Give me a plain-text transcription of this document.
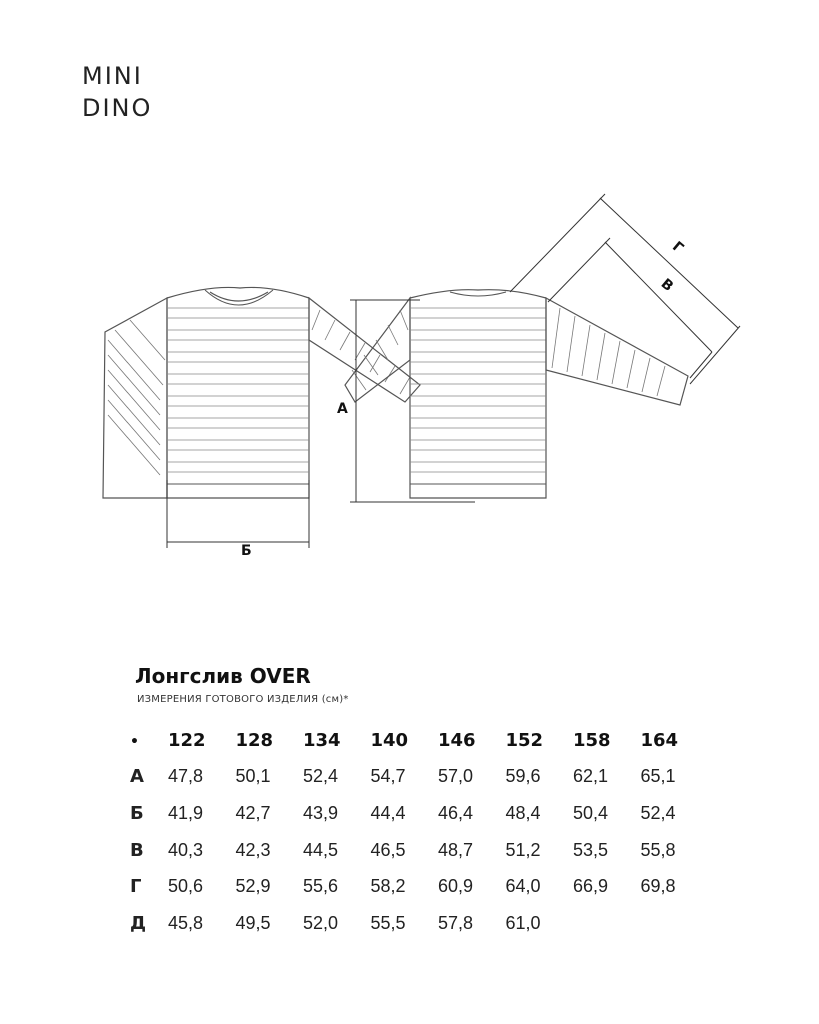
MINI
DINO
Б
А
В
Г
Лонгслив OVER
ИЗМЕРЕНИЯ ГОТОВОГО ИЗДЕЛИЯ (см)*
•	122	128	134	140	146	152	158	164
А	47,8	50,1	52,4	54,7	57,0	59,6	62,1	65,1
Б	41,9	42,7	43,9	44,4	46,4	48,4	50,4	52,4
В	40,3	42,3	44,5	46,5	48,7	51,2	53,5	55,8
Г	50,6	52,9	55,6	58,2	60,9	64,0	66,9	69,8
Д	45,8	49,5	52,0	55,5	57,8	61,0		
